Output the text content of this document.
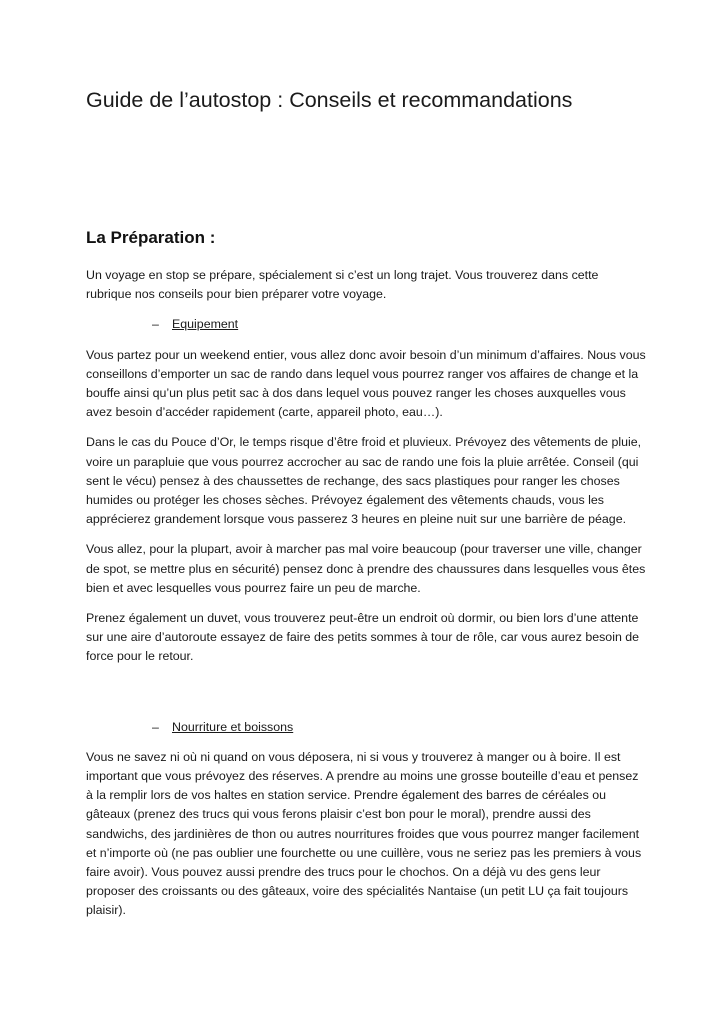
Guide de l’autostop : Conseils et recommandations
La Préparation :

Un voyage en stop se prépare, spécialement si c’est un long trajet. Vous trouverez dans cette rubrique nos conseils pour bien préparer votre voyage.

–	Equipement

Vous partez pour un weekend entier, vous allez donc avoir besoin d’un minimum d’affaires. Nous vous conseillons d’emporter un sac de rando dans lequel vous pourrez ranger vos affaires de change et la bouffe ainsi qu’un plus petit sac à dos dans lequel vous pouvez ranger les choses auxquelles vous avez besoin d’accéder rapidement (carte, appareil photo, eau…).

Dans le cas du Pouce d’Or, le temps risque d’être froid et pluvieux. Prévoyez des vêtements de pluie, voire un parapluie que vous pourrez accrocher au sac de rando une fois la pluie arrêtée. Conseil (qui sent le vécu) pensez à des chaussettes de rechange, des sacs plastiques pour ranger les choses humides ou protéger les choses sèches. Prévoyez également des vêtements chauds, vous les apprécierez grandement lorsque vous passerez 3 heures en pleine nuit sur une barrière de péage.

Vous allez, pour la plupart, avoir à marcher pas mal voire beaucoup (pour traverser une ville, changer de spot, se mettre plus en sécurité) pensez donc à prendre des chaussures dans lesquelles vous êtes bien et avec lesquelles vous pourrez faire un peu de marche.

Prenez également un duvet, vous trouverez peut-être un endroit où dormir, ou bien lors d’une attente sur une aire d’autoroute essayez de faire des petits sommes à tour de rôle, car vous aurez besoin de force pour le retour.

–	Nourriture et boissons

Vous ne savez ni où ni quand on vous déposera, ni si vous y trouverez à manger ou à boire. Il est important que vous prévoyez des réserves. A prendre au moins une grosse bouteille d’eau et pensez à la remplir lors de vos haltes en station service. Prendre également des barres de céréales ou gâteaux (prenez des trucs qui vous ferons plaisir c’est bon pour le moral), prendre aussi des sandwichs, des jardinières de thon ou autres nourritures froides que vous pourrez manger facilement et n’importe où (ne pas oublier une fourchette ou une cuillère, vous ne seriez pas les premiers à vous faire avoir). Vous pouvez aussi prendre des trucs pour le chochos. On a déjà vu des gens leur proposer des croissants ou des gâteaux, voire des spécialités Nantaise (un petit LU ça fait toujours plaisir).
